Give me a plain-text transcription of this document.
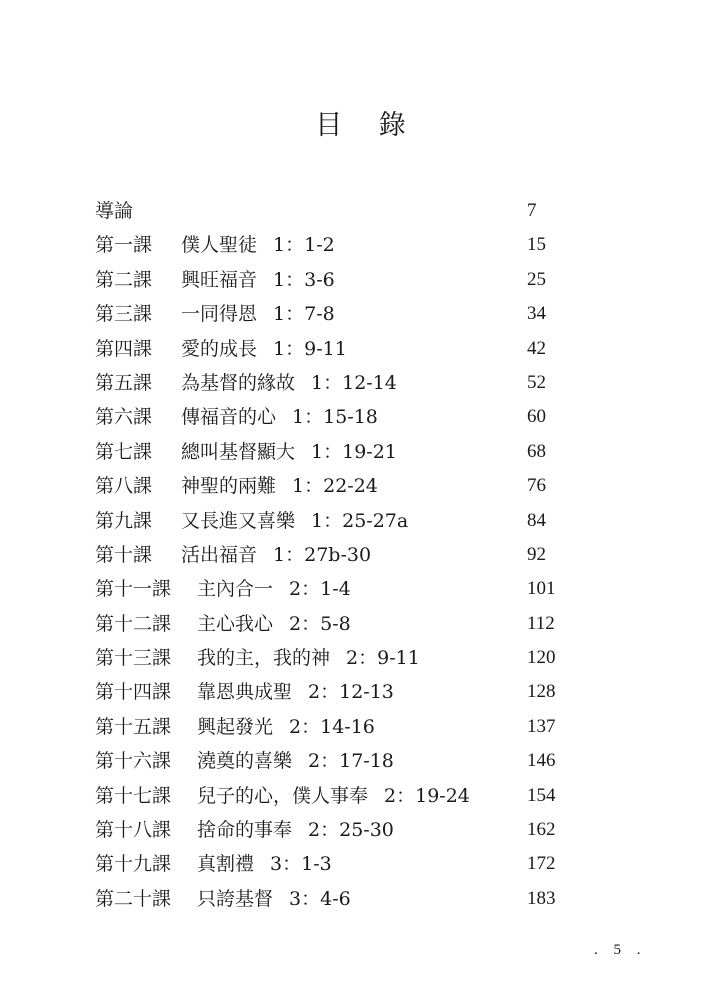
目 錄
導論	7
第一課 僕人聖徒 1：1-2	15
第二課 興旺福音 1：3-6	25
第三課 一同得恩 1：7-8	34
第四課 愛的成長 1：9-11	42
第五課 為基督的緣故 1：12-14	52
第六課 傳福音的心 1：15-18	60
第七課 總叫基督顯大 1：19-21	68
第八課 神聖的兩難 1：22-24	76
第九課 又長進又喜樂 1：25-27a	84
第十課 活出福音 1：27b-30	92
第十一課 主內合一 2：1-4	101
第十二課 主心我心 2：5-8	112
第十三課 我的主，我的神 2：9-11	120
第十四課 靠恩典成聖 2：12-13	128
第十五課 興起發光 2：14-16	137
第十六課 澆奠的喜樂 2：17-18	146
第十七課 兒子的心，僕人事奉 2：19-24	154
第十八課 捨命的事奉 2：25-30	162
第十九課 真割禮 3：1-3	172
第二十課 只誇基督 3：4-6	183
. 5 .
